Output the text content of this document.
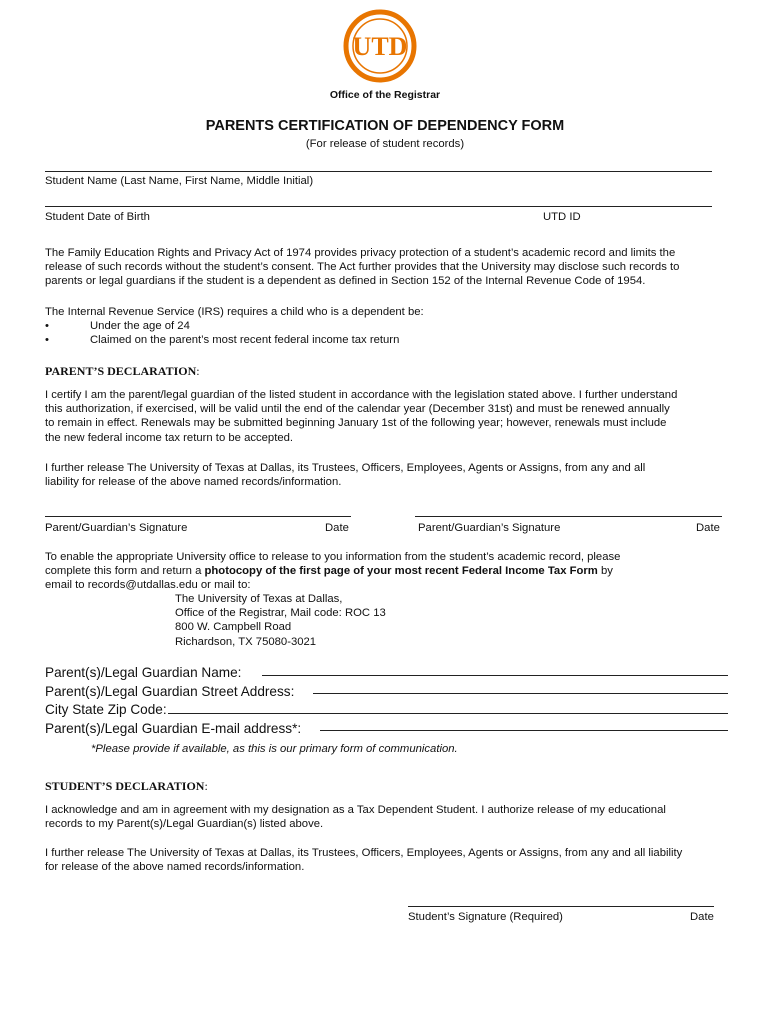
UTD
Office of the Registrar
PARENTS CERTIFICATION OF DEPENDENCY FORM
(For release of student records)
Student Name (Last Name, First Name, Middle Initial)
Student Date of Birth	UTD ID
The Family Education Rights and Privacy Act of 1974 provides privacy protection of a student’s academic record and limits the
release of such records without the student’s consent. The Act further provides that the University may disclose such records to
parents or legal guardians if the student is a dependent as defined in Section 152 of the Internal Revenue Code of 1954.
The Internal Revenue Service (IRS) requires a child who is a dependent be:
•	Under the age of 24
•	Claimed on the parent’s most recent federal income tax return
PARENT’S DECLARATION:
I certify I am the parent/legal guardian of the listed student in accordance with the legislation stated above. I further understand
this authorization, if exercised, will be valid until the end of the calendar year (December 31st) and must be renewed annually
to remain in effect. Renewals may be submitted beginning January 1st of the following year; however, renewals must include
the new federal income tax return to be accepted.
I further release The University of Texas at Dallas, its Trustees, Officers, Employees, Agents or Assigns, from any and all
liability for release of the above named records/information.
Parent/Guardian’s Signature	Date	Parent/Guardian’s Signature	Date
To enable the appropriate University office to release to you information from the student’s academic record, please
complete this form and return a photocopy of the first page of your most recent Federal Income Tax Form by
email to records@utdallas.edu or mail to:
The University of Texas at Dallas,
Office of the Registrar, Mail code: ROC 13
800 W. Campbell Road
Richardson, TX 75080-3021
Parent(s)/Legal Guardian Name:
Parent(s)/Legal Guardian Street Address:
City State Zip Code:
Parent(s)/Legal Guardian E-mail address*:
*Please provide if available, as this is our primary form of communication.
STUDENT’S DECLARATION:
I acknowledge and am in agreement with my designation as a Tax Dependent Student. I authorize release of my educational
records to my Parent(s)/Legal Guardian(s) listed above.
I further release The University of Texas at Dallas, its Trustees, Officers, Employees, Agents or Assigns, from any and all liability
for release of the above named records/information.
Student’s Signature (Required)	Date
